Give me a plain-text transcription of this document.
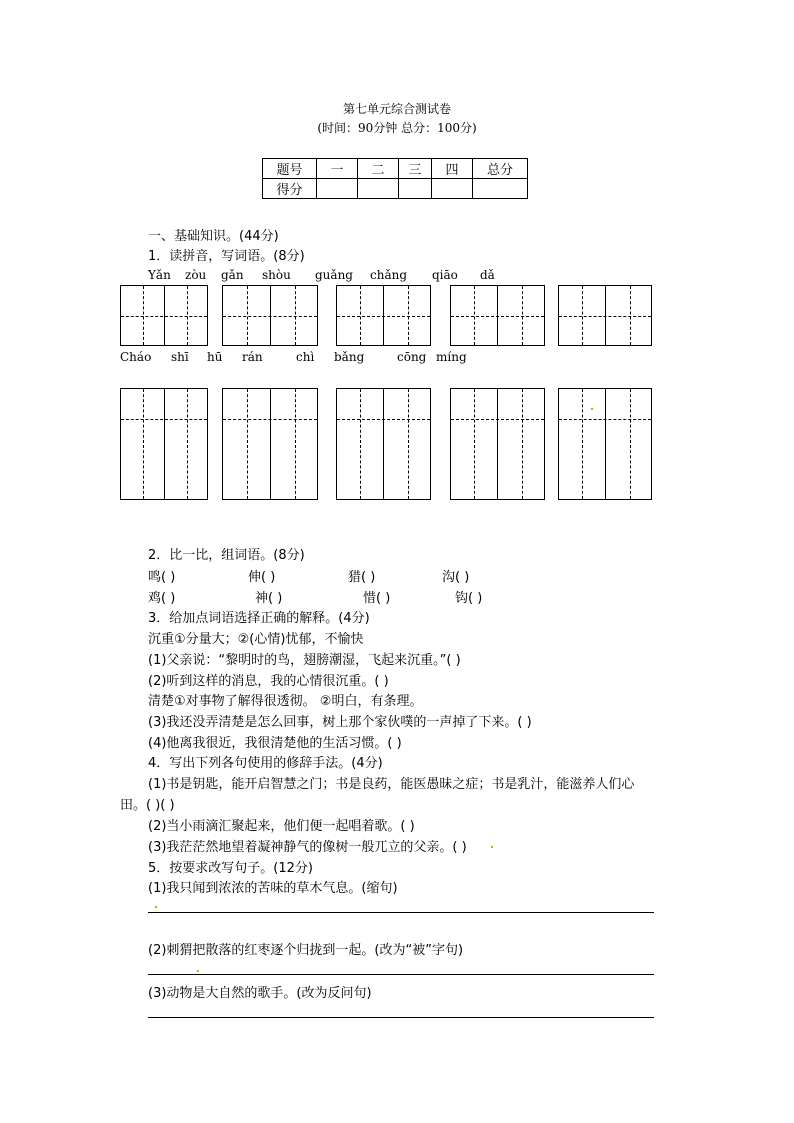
第七单元综合测试卷
(时间：90分钟 总分：100分)
题号	一	二	三	四	总分
得分					
一、基础知识。(44分)
1．读拼音，写词语。(8分)
Yǎn zòu gǎn shòu guǎng chǎng qiāo dǎ
Cháo shī hū rán	chì bǎng	cōng míng
2．比一比，组词语。(8分)
鸣( )	伸( )	猎( )	沟( )
鸡( )	神( )	惜( )	钩( )
3．给加点词语选择正确的解释。(4分)
沉重①分量大；②(心情)忧郁，不愉快
(1)父亲说：“黎明时的鸟，翅膀潮湿，飞起来沉重。”( )
(2)听到这样的消息，我的心情很沉重。( )
清楚①对事物了解得很透彻。 ②明白，有条理。
(3)我还没弄清楚是怎么回事，树上那个家伙噗的一声掉了下来。( )
(4)他离我很近，我很清楚他的生活习惯。( )
4．写出下列各句使用的修辞手法。(4分)
(1)书是钥匙，能开启智慧之门；书是良药，能医愚昧之症；书是乳汁，能滋养人们心
田。( )( )
(2)当小雨滴汇聚起来，他们便一起唱着歌。( )
(3)我茫茫然地望着凝神静气的像树一般兀立的父亲。( )
5．按要求改写句子。(12分)
(1)我只闻到浓浓的苦味的草木气息。(缩句)
(2)刺猬把散落的红枣逐个归拢到一起。(改为“被”字句)
(3)动物是大自然的歌手。(改为反问句)
